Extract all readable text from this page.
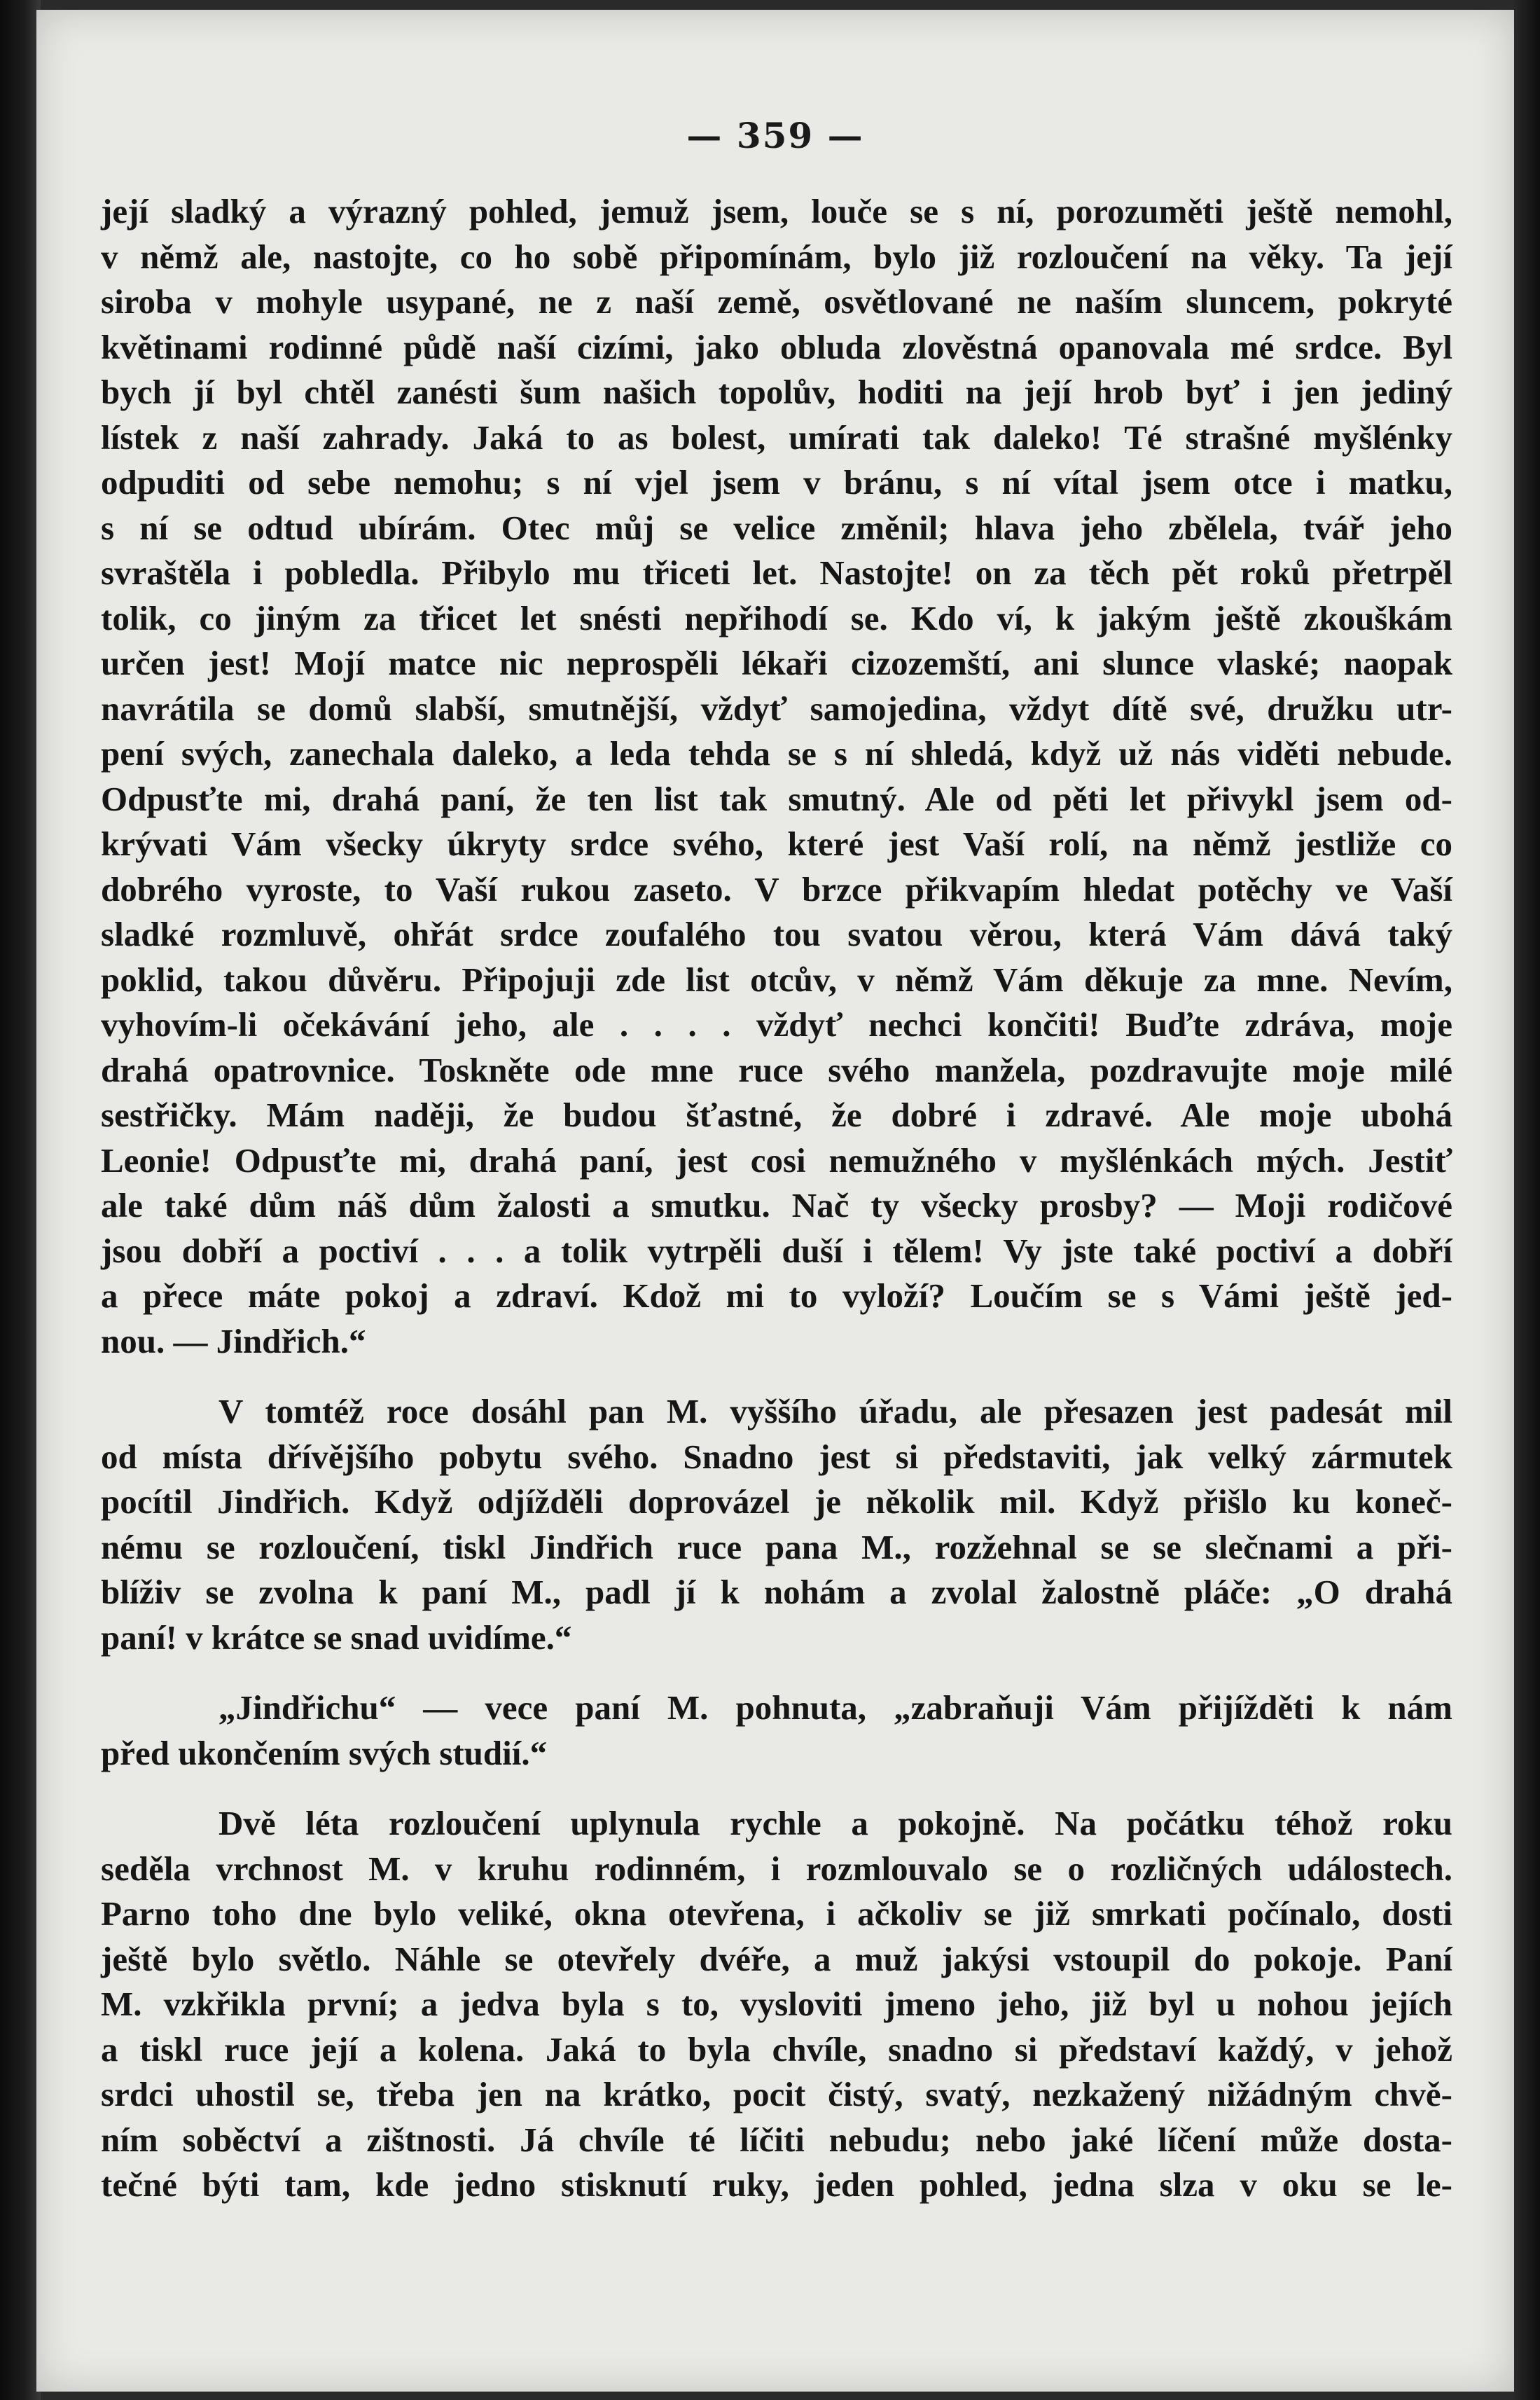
— 359 —
její sladký a výrazný pohled, jemuž jsem, louče se s ní, porozuměti ještě nemohl,
v němž ale, nastojte, co ho sobě připomínám, bylo již rozloučení na věky. Ta její
siroba v mohyle usypané, ne z naší země, osvětlované ne naším sluncem, pokryté
květinami rodinné půdě naší cizími, jako obluda zlověstná opanovala mé srdce. Byl
bych jí byl chtěl zanésti šum našich topolův, hoditi na její hrob byť i jen jediný
lístek z naší zahrady. Jaká to as bolest, umírati tak daleko! Té strašné myšlénky
odpuditi od sebe nemohu; s ní vjel jsem v bránu, s ní vítal jsem otce i matku,
s ní se odtud ubírám. Otec můj se velice změnil; hlava jeho zbělela, tvář jeho
svraštěla i pobledla. Přibylo mu třiceti let. Nastojte! on za těch pět roků přetrpěl
tolik, co jiným za třicet let snésti nepřihodí se. Kdo ví, k jakým ještě zkouškám
určen jest! Mojí matce nic neprospěli lékaři cizozemští, ani slunce vlaské; naopak
navrátila se domů slabší, smutnější, vždyť samojedina, vždyt dítě své, družku utr-
pení svých, zanechala daleko, a leda tehda se s ní shledá, když už nás viděti nebude.
Odpusťte mi, drahá paní, že ten list tak smutný. Ale od pěti let přivykl jsem od-
krývati Vám všecky úkryty srdce svého, které jest Vaší rolí, na němž jestliže co
dobrého vyroste, to Vaší rukou zaseto. V brzce přikvapím hledat potěchy ve Vaší
sladké rozmluvě, ohřát srdce zoufalého tou svatou věrou, která Vám dává taký
poklid, takou důvěru. Připojuji zde list otcův, v němž Vám děkuje za mne. Nevím,
vyhovím-li očekávání jeho, ale . . . . vždyť nechci končiti! Buďte zdráva, moje
drahá opatrovnice. Toskněte ode mne ruce svého manžela, pozdravujte moje milé
sestřičky. Mám naději, že budou šťastné, že dobré i zdravé. Ale moje ubohá
Leonie! Odpusťte mi, drahá paní, jest cosi nemužného v myšlénkách mých. Jestiť
ale také dům náš dům žalosti a smutku. Nač ty všecky prosby? — Moji rodičové
jsou dobří a poctiví . . . a tolik vytrpěli duší i tělem! Vy jste také poctiví a dobří
a přece máte pokoj a zdraví. Kdož mi to vyloží? Loučím se s Vámi ještě jed-
nou. — Jindřich.“
V tomtéž roce dosáhl pan M. vyššího úřadu, ale přesazen jest padesát mil
od místa dřívějšího pobytu svého. Snadno jest si představiti, jak velký zármutek
pocítil Jindřich. Když odjížděli doprovázel je několik mil. Když přišlo ku koneč-
nému se rozloučení, tiskl Jindřich ruce pana M., rozžehnal se se slečnami a při-
blíživ se zvolna k paní M., padl jí k nohám a zvolal žalostně pláče: „O drahá
paní! v krátce se snad uvidíme.“
„Jindřichu“ — vece paní M. pohnuta, „zabraňuji Vám přijížděti k nám
před ukončením svých studií.“
Dvě léta rozloučení uplynula rychle a pokojně. Na počátku téhož roku
seděla vrchnost M. v kruhu rodinném, i rozmlouvalo se o rozličných událostech.
Parno toho dne bylo veliké, okna otevřena, i ačkoliv se již smrkati počínalo, dosti
ještě bylo světlo. Náhle se otevřely dvéře, a muž jakýsi vstoupil do pokoje. Paní
M. vzkřikla první; a jedva byla s to, vysloviti jmeno jeho, již byl u nohou jejích
a tiskl ruce její a kolena. Jaká to byla chvíle, snadno si představí každý, v jehož
srdci uhostil se, třeba jen na krátko, pocit čistý, svatý, nezkažený nižádným chvě-
ním soběctví a zištnosti. Já chvíle té líčiti nebudu; nebo jaké líčení může dosta-
tečné býti tam, kde jedno stisknutí ruky, jeden pohled, jedna slza v oku se le-
